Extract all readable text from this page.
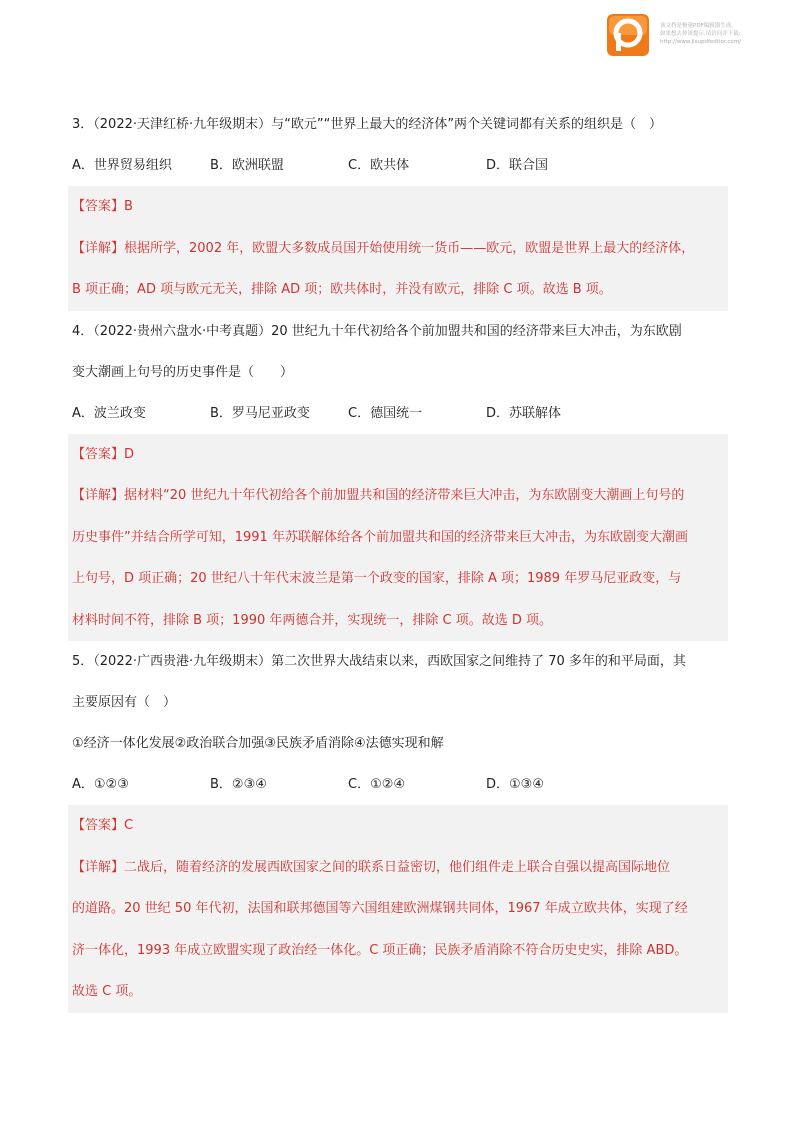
该文档是极速PDF编辑器生成,
如果想去掉该提示,请访问并下载:
http://www.jisupdfeditor.com/
3．（2022·天津红桥·九年级期末）与“欧元”“世界上最大的经济体”两个关键词都有关系的组织是（　）
A．世界贸易组织	B．欧洲联盟	C．欧共体	D．联合国
【答案】B
【详解】根据所学，2002 年，欧盟大多数成员国开始使用统一货币——欧元，欧盟是世界上最大的经济体，
B 项正确；AD 项与欧元无关，排除 AD 项；欧共体时，并没有欧元，排除 C 项。故选 B 项。
4．（2022·贵州六盘水·中考真题）20 世纪九十年代初给各个前加盟共和国的经济带来巨大冲击，为东欧剧
变大潮画上句号的历史事件是（　　）
A．波兰政变	B．罗马尼亚政变	C．德国统一	D．苏联解体
【答案】D
【详解】据材料“20 世纪九十年代初给各个前加盟共和国的经济带来巨大冲击，为东欧剧变大潮画上句号的
历史事件”并结合所学可知，1991 年苏联解体给各个前加盟共和国的经济带来巨大冲击，为东欧剧变大潮画
上句号，D 项正确；20 世纪八十年代末波兰是第一个政变的国家，排除 A 项；1989 年罗马尼亚政变，与
材料时间不符，排除 B 项；1990 年两德合并，实现统一，排除 C 项。故选 D 项。
5．（2022·广西贵港·九年级期末）第二次世界大战结束以来，西欧国家之间维持了 70 多年的和平局面，其
主要原因有（　）
①经济一体化发展②政治联合加强③民族矛盾消除④法德实现和解
A．①②③	B．②③④	C．①②④	D．①③④
【答案】C
【详解】二战后，随着经济的发展西欧国家之间的联系日益密切，他们组件走上联合自强以提高国际地位
的道路。20 世纪 50 年代初，法国和联邦德国等六国组建欧洲煤钢共同体，1967 年成立欧共体，实现了经
济一体化，1993 年成立欧盟实现了政治经一体化。C 项正确；民族矛盾消除不符合历史史实，排除 ABD。
故选 C 项。
